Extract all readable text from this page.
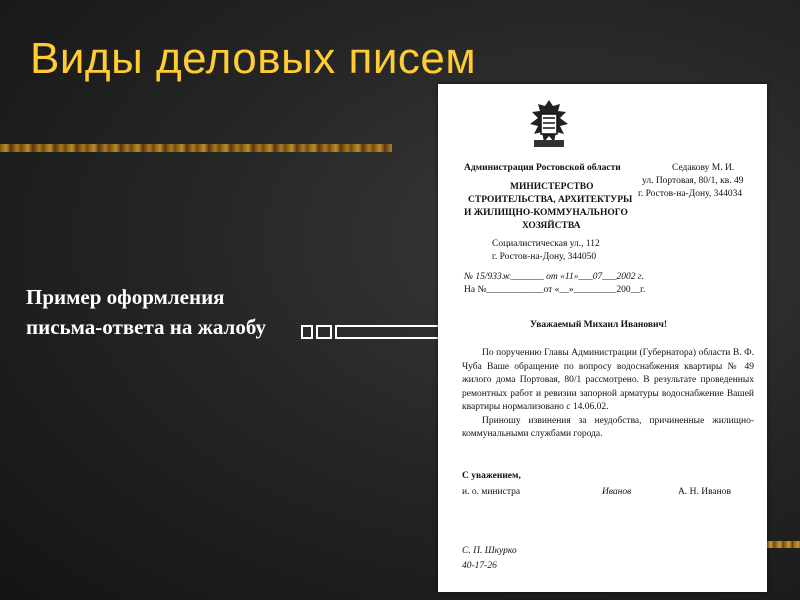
Виды деловых писем
Пример оформления письма-ответа на жалобу
Администрация Ростовской области
МИНИСТЕРСТВО
СТРОИТЕЛЬСТВА, АРХИТЕКТУРЫ
И ЖИЛИЩНО-КОММУНАЛЬНОГО
ХОЗЯЙСТВА
Социалистическая ул., 112
г. Ростов-на-Дону, 344050
Седакову М. И.
ул. Портовая, 80/1, кв. 49
г. Ростов-на-Дону, 344034
№ 15/933ж_______ от «11»___07___2002 г.
На №____________от «__»_________200__г.
Уважаемый Михаил Иванович!

По поручению Главы Администрации (Губернатора) области В. Ф. Чуба Ваше обращение по вопросу водоснабжения квартиры № 49 жилого дома Портовая, 80/1 рассмотрено. В результате проведенных ремонтных работ и ревизии запорной арматуры водоснабжение Вашей квартиры нормализовано с 14.06.02.

Приношу извинения за неудобства, причиненные жилищно-коммунальными службами города.

С уважением,
и. о. министра	Иванов	А. Н. Иванов
С. П. Шкурко
40-17-26
